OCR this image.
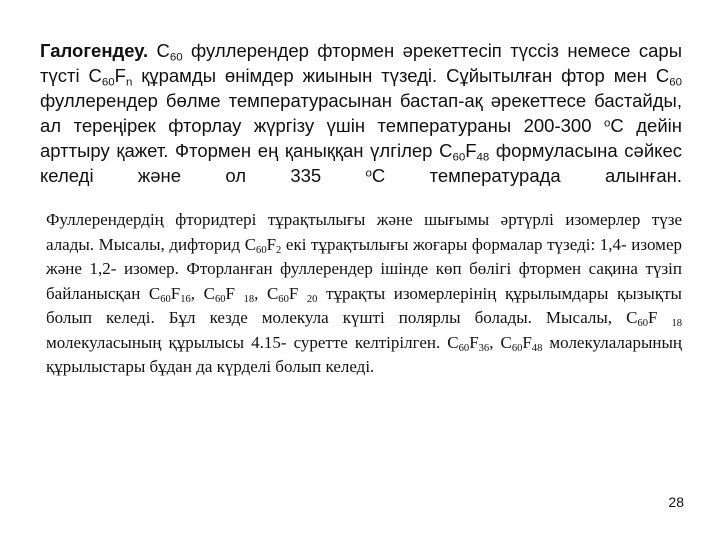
Галогендеу. $С_{60}$ фуллерендер фтормен әрекеттесіп түссіз немесе сары түсті $С_{60}F_n$ құрамды өнімдер жиынын түзеді. Сұйытылған фтор мен $С_{60}$ фуллерендер бөлме температурасынан бастап-ақ әрекеттесе бастайды, ал тереңірек фторлау жүргізу үшін температураны 200-300 $^o$С дейін арттыру қажет. Фтормен ең қаныққан үлгілер $С_{60}F_{48}$ формуласына сәйкес келеді және ол 335 $^o$С температурада алынған.

Фуллерендердің фторидтері тұрақтылығы және шығымы әртүрлі изомерлер түзе алады. Мысалы, дифторид $С_{60}F_2$ екі тұрақтылығы жоғары формалар түзеді: 1,4- изомер және 1,2- изомер. Фторланған фуллерендер ішінде көп бөлігі фтормен сақина түзіп байланысқан $С_{60}F_{16}$, $С_{60}F$ $_{18}$, $С_{60}F$ $_{20}$ тұрақты изомерлерінің құрылымдары қызықты болып келеді. Бұл кезде молекула күшті полярлы болады. Мысалы, $С_{60}F$ $_{18}$ молекуласының құрылысы 4.15- суретте келтірілген. $С_{60}F_{36}$, $С_{60}F_{48}$ молекулаларының құрылыстары бұдан да күрделі болып келеді.

28
